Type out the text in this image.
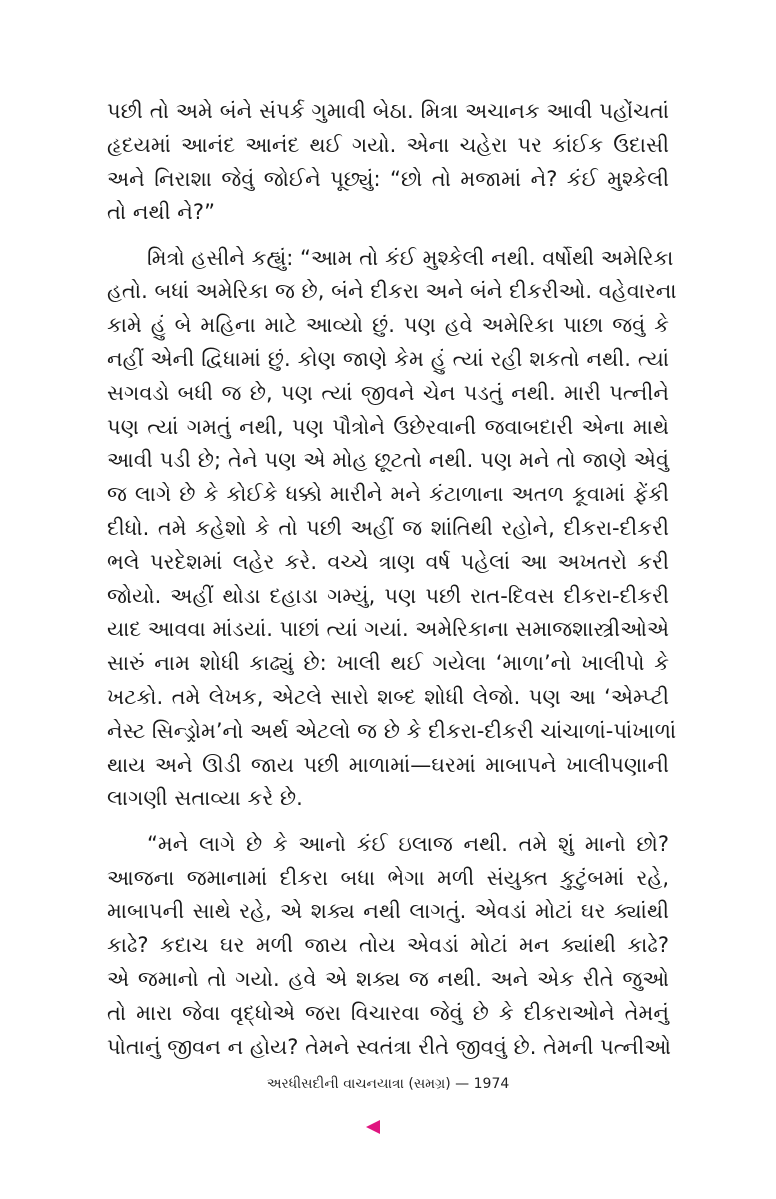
પછી તો અમે બંને સંપર્ક ગુમાવી બેઠા. મિત્રા અચાનક આવી પહોંચતાં
હૃદયમાં આનંદ આનંદ થઈ ગયો. એના ચહેરા પર કાંઈક ઉદાસી
અને નિરાશા જેવું જોઈને પૂછ્યું: “છો તો મજામાં ને? કંઈ મુશ્કેલી
તો નથી ને?”
મિત્રો હસીને કહ્યું: “આમ તો કંઈ મુશ્કેલી નથી. વર્ષોથી અમેરિકા
હતો. બધાં અમેરિકા જ છે, બંને દીકરા અને બંને દીકરીઓ. વહેવારના
કામે હું બે મહિના માટે આવ્યો છું. પણ હવે અમેરિકા પાછા જવું કે
નહીં એની દ્વિધામાં છું. કોણ જાણે કેમ હું ત્યાં રહી શકતો નથી. ત્યાં
સગવડો બધી જ છે, પણ ત્યાં જીવને ચેન પડતું નથી. મારી પત્નીને
પણ ત્યાં ગમતું નથી, પણ પૌત્રોને ઉછેરવાની જવાબદારી એના માથે
આવી પડી છે; તેને પણ એ મોહ છૂટતો નથી. પણ મને તો જાણે એવું
જ લાગે છે કે કોઈકે ધક્કો મારીને મને કંટાળાના અતળ કૂવામાં ફેંકી
દીધો. તમે કહેશો કે તો પછી અહીં જ શાંતિથી રહોને, દીકરા-દીકરી
ભલે પરદેશમાં લહેર કરે. વચ્ચે ત્રાણ વર્ષ પહેલાં આ અખતરો કરી
જોયો. અહીં થોડા દહાડા ગમ્યું, પણ પછી રાત-દિવસ દીકરા-દીકરી
યાદ આવવા માંડયાં. પાછાં ત્યાં ગયાં. અમેરિકાના સમાજશાસ્ત્રીઓએ
સારું નામ શોધી કાઢ્યું છે: ખાલી થઈ ગયેલા ‘માળા’નો ખાલીપો કે
ખટકો. તમે લેખક, એટલે સારો શબ્દ શોધી લેજો. પણ આ ‘એમ્પ્ટી
નેસ્ટ સિન્ડ્રોમ’નો અર્થ એટલો જ છે કે દીકરા-દીકરી ચાંચાળાં-પાંખાળાં
થાય અને ઊડી જાય પછી માળામાં—ઘરમાં માબાપને ખાલીપણાની
લાગણી સતાવ્યા કરે છે.
“મને લાગે છે કે આનો કંઈ ઇલાજ નથી. તમે શું માનો છો?
આજના જમાનામાં દીકરા બધા ભેગા મળી સંયુક્ત કુટુંબમાં રહે,
માબાપની સાથે રહે, એ શક્ય નથી લાગતું. એવડાં મોટાં ઘર ક્યાંથી
કાઢે? કદાચ ઘર મળી જાય તોય એવડાં મોટાં મન ક્યાંથી કાઢે?
એ જમાનો તો ગયો. હવે એ શક્ય જ નથી. અને એક રીતે જુઓ
તો મારા જેવા વૃદ્ધોએ જરા વિચારવા જેવું છે કે દીકરાઓને તેમનું
પોતાનું જીવન ન હોય? તેમને સ્વતંત્રા રીતે જીવવું છે. તેમની પત્નીઓ
અરધીસદીની વાચનયાત્રા (સમગ્ર) — 1974
